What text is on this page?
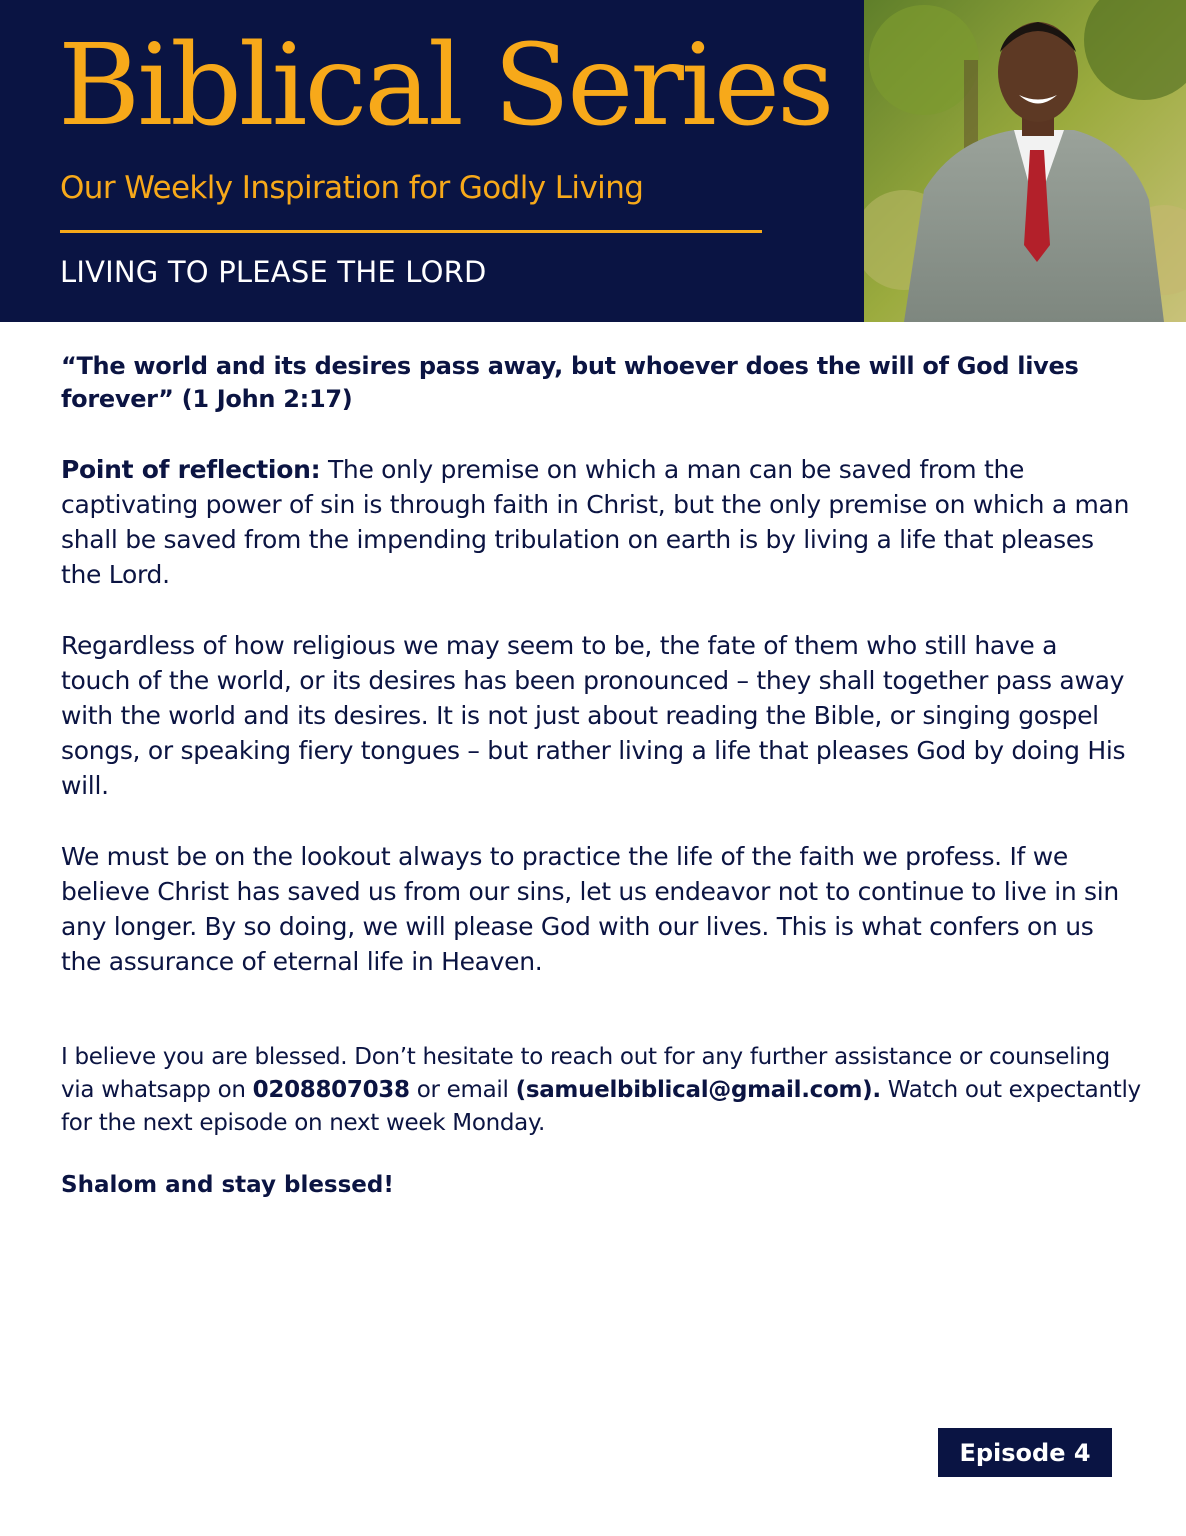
Biblical Series
Our Weekly Inspiration for Godly Living
LIVING TO PLEASE THE LORD

“The world and its desires pass away, but whoever does the will of God lives forever” (1 John 2:17)

Point of reflection: The only premise on which a man can be saved from the captivating power of sin is through faith in Christ, but the only premise on which a man shall be saved from the impending tribulation on earth is by living a life that pleases the Lord.

Regardless of how religious we may seem to be, the fate of them who still have a touch of the world, or its desires has been pronounced – they shall together pass away with the world and its desires. It is not just about reading the Bible, or singing gospel songs, or speaking fiery tongues – but rather living a life that pleases God by doing His will.

We must be on the lookout always to practice the life of the faith we profess. If we believe Christ has saved us from our sins, let us endeavor not to continue to live in sin any longer. By so doing, we will please God with our lives. This is what confers on us the assurance of eternal life in Heaven.

I believe you are blessed. Don’t hesitate to reach out for any further assistance or counseling via whatsapp on 0208807038 or email (samuelbiblical@gmail.com). Watch out expectantly for the next episode on next week Monday.

Shalom and stay blessed!

Episode 4
